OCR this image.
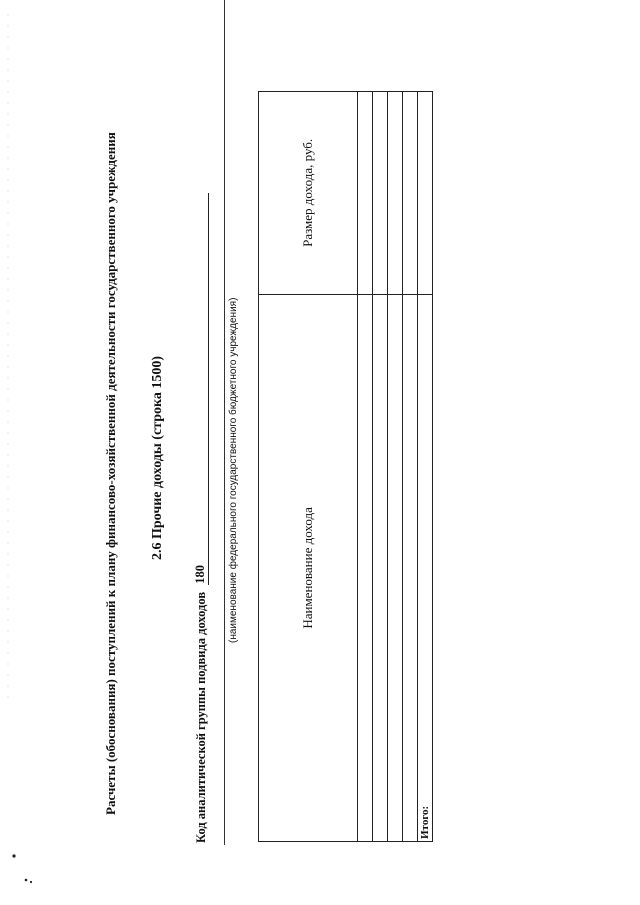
Расчеты (обоснования) поступлений к плану финансово-хозяйственной деятельности государственного учреждения 2.6 Прочие доходы (строка 1500)
Код аналитической группы подвида доходов
180 (наименование федерального государственного бюджетного учреждения)	Наименование дохода	Размер дохода, руб.

Итого:	
